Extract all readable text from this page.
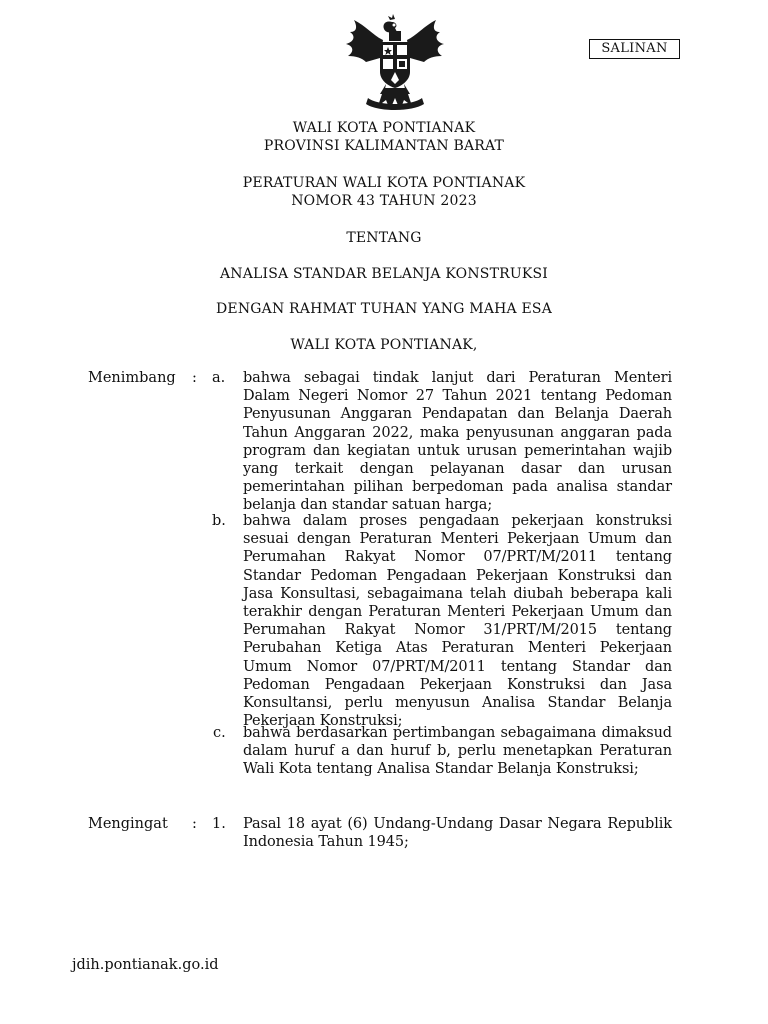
SALINAN
WALI KOTA PONTIANAK
PROVINSI KALIMANTAN BARAT
PERATURAN WALI KOTA PONTIANAK
NOMOR 43 TAHUN 2023
TENTANG
ANALISA STANDAR BELANJA KONSTRUKSI
DENGAN RAHMAT TUHAN YANG MAHA ESA
WALI KOTA PONTIANAK,
Menimbang : a. bahwa sebagai tindak lanjut dari Peraturan Menteri Dalam Negeri Nomor 27 Tahun 2021 tentang Pedoman Penyusunan Anggaran Pendapatan dan Belanja Daerah Tahun Anggaran 2022, maka penyusunan anggaran pada program dan kegiatan untuk urusan pemerintahan wajib yang terkait dengan pelayanan dasar dan urusan pemerintahan pilihan berpedoman pada analisa standar belanja dan standar satuan harga;
b. bahwa dalam proses pengadaan pekerjaan konstruksi sesuai dengan Peraturan Menteri Pekerjaan Umum dan Perumahan Rakyat Nomor 07/PRT/M/2011 tentang Standar Pedoman Pengadaan Pekerjaan Konstruksi dan Jasa Konsultasi, sebagaimana telah diubah beberapa kali terakhir dengan Peraturan Menteri Pekerjaan Umum dan Perumahan Rakyat Nomor 31/PRT/M/2015 tentang Perubahan Ketiga Atas Peraturan Menteri Pekerjaan Umum Nomor 07/PRT/M/2011 tentang Standar dan Pedoman Pengadaan Pekerjaan Konstruksi dan Jasa Konsultansi, perlu menyusun Analisa Standar Belanja Pekerjaan Konstruksi;
c. bahwa berdasarkan pertimbangan sebagaimana dimaksud dalam huruf a dan huruf b, perlu menetapkan Peraturan Wali Kota tentang Analisa Standar Belanja Konstruksi;
Mengingat : 1. Pasal 18 ayat (6) Undang-Undang Dasar Negara Republik Indonesia Tahun 1945;
jdih.pontianak.go.id
